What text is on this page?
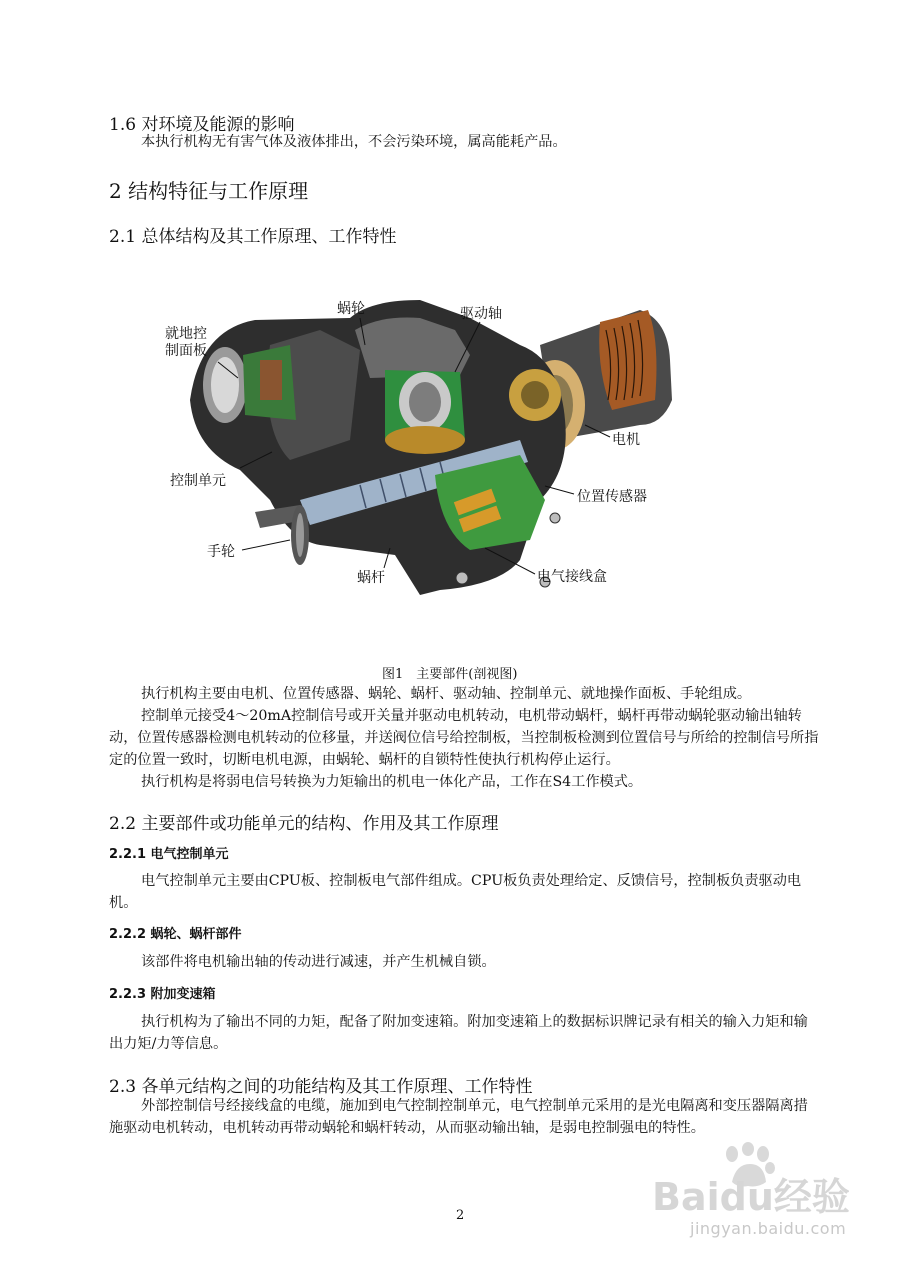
1.6 对环境及能源的影响
本执行机构无有害气体及液体排出，不会污染环境，属高能耗产品。
2 结构特征与工作原理
2.1 总体结构及其工作原理、工作特性
蜗轮	驱动轴
就地控
制面板
电机
控制单元
位置传感器
手轮
蜗杆	电气接线盒
图1　主要部件(剖视图)
执行机构主要由电机、位置传感器、蜗轮、蜗杆、驱动轴、控制单元、就地操作面板、手轮组成。
控制单元接受4～20mA控制信号或开关量并驱动电机转动，电机带动蜗杆，蜗杆再带动蜗轮驱动输出轴转动，位置传感器检测电机转动的位移量，并送阀位信号给控制板，当控制板检测到位置信号与所给的控制信号所指定的位置一致时，切断电机电源，由蜗轮、蜗杆的自锁特性使执行机构停止运行。
执行机构是将弱电信号转换为力矩输出的机电一体化产品，工作在S4工作模式。
2.2 主要部件或功能单元的结构、作用及其工作原理
2.2.1 电气控制单元
电气控制单元主要由CPU板、控制板电气部件组成。CPU板负责处理给定、反馈信号，控制板负责驱动电机。
2.2.2 蜗轮、蜗杆部件
该部件将电机输出轴的传动进行减速，并产生机械自锁。
2.2.3 附加变速箱
执行机构为了输出不同的力矩，配备了附加变速箱。附加变速箱上的数据标识牌记录有相关的输入力矩和输出力矩/力等信息。
2.3 各单元结构之间的功能结构及其工作原理、工作特性
外部控制信号经接线盒的电缆，施加到电气控制控制单元，电气控制单元采用的是光电隔离和变压器隔离措施驱动电机转动，电机转动再带动蜗轮和蜗杆转动，从而驱动输出轴，是弱电控制强电的特性。
2	Baidu经验
jingyan.baidu.com
